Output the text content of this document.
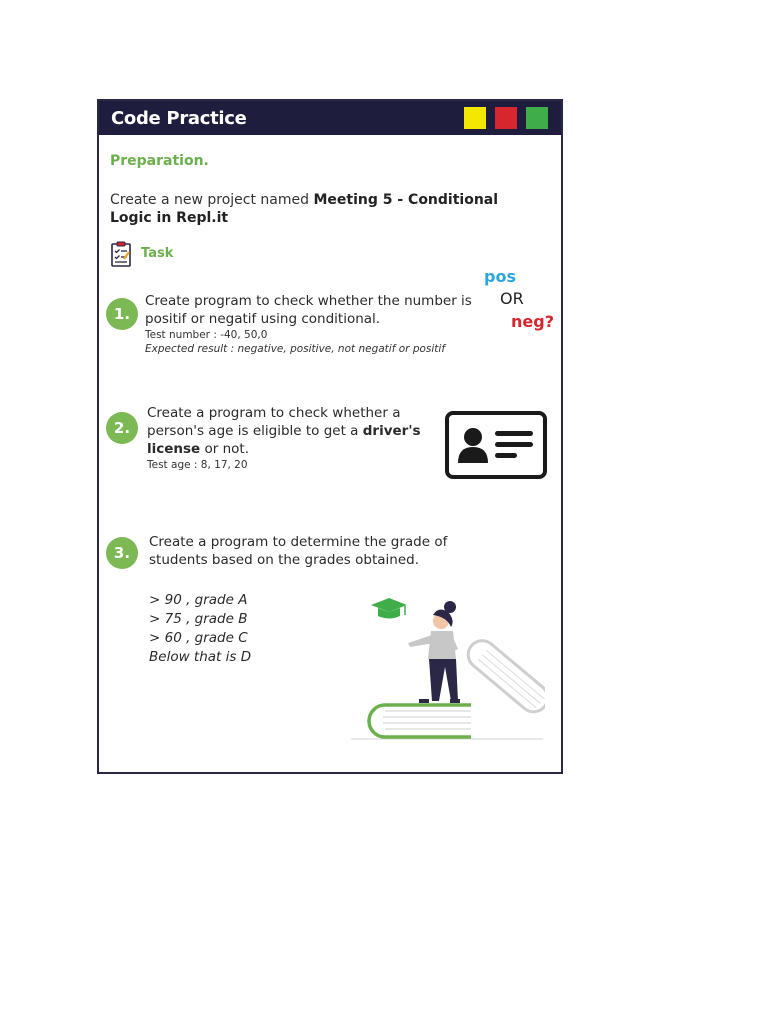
Code Practice
Preparation.
Create a new project named Meeting 5 - Conditional Logic in Repl.it
Task
pos
OR
neg?
1.
Create program to check whether the number is
positif or negatif using conditional.
Test number : -40, 50,0
Expected result : negative, positive, not negatif or positif
2.
Create a program to check whether a
person's age is eligible to get a driver's
license or not.
Test age : 8, 17, 20
3.
Create a program to determine the grade of
students based on the grades obtained.
> 90 , grade A
> 75 , grade B
> 60 , grade C
Below that is D
